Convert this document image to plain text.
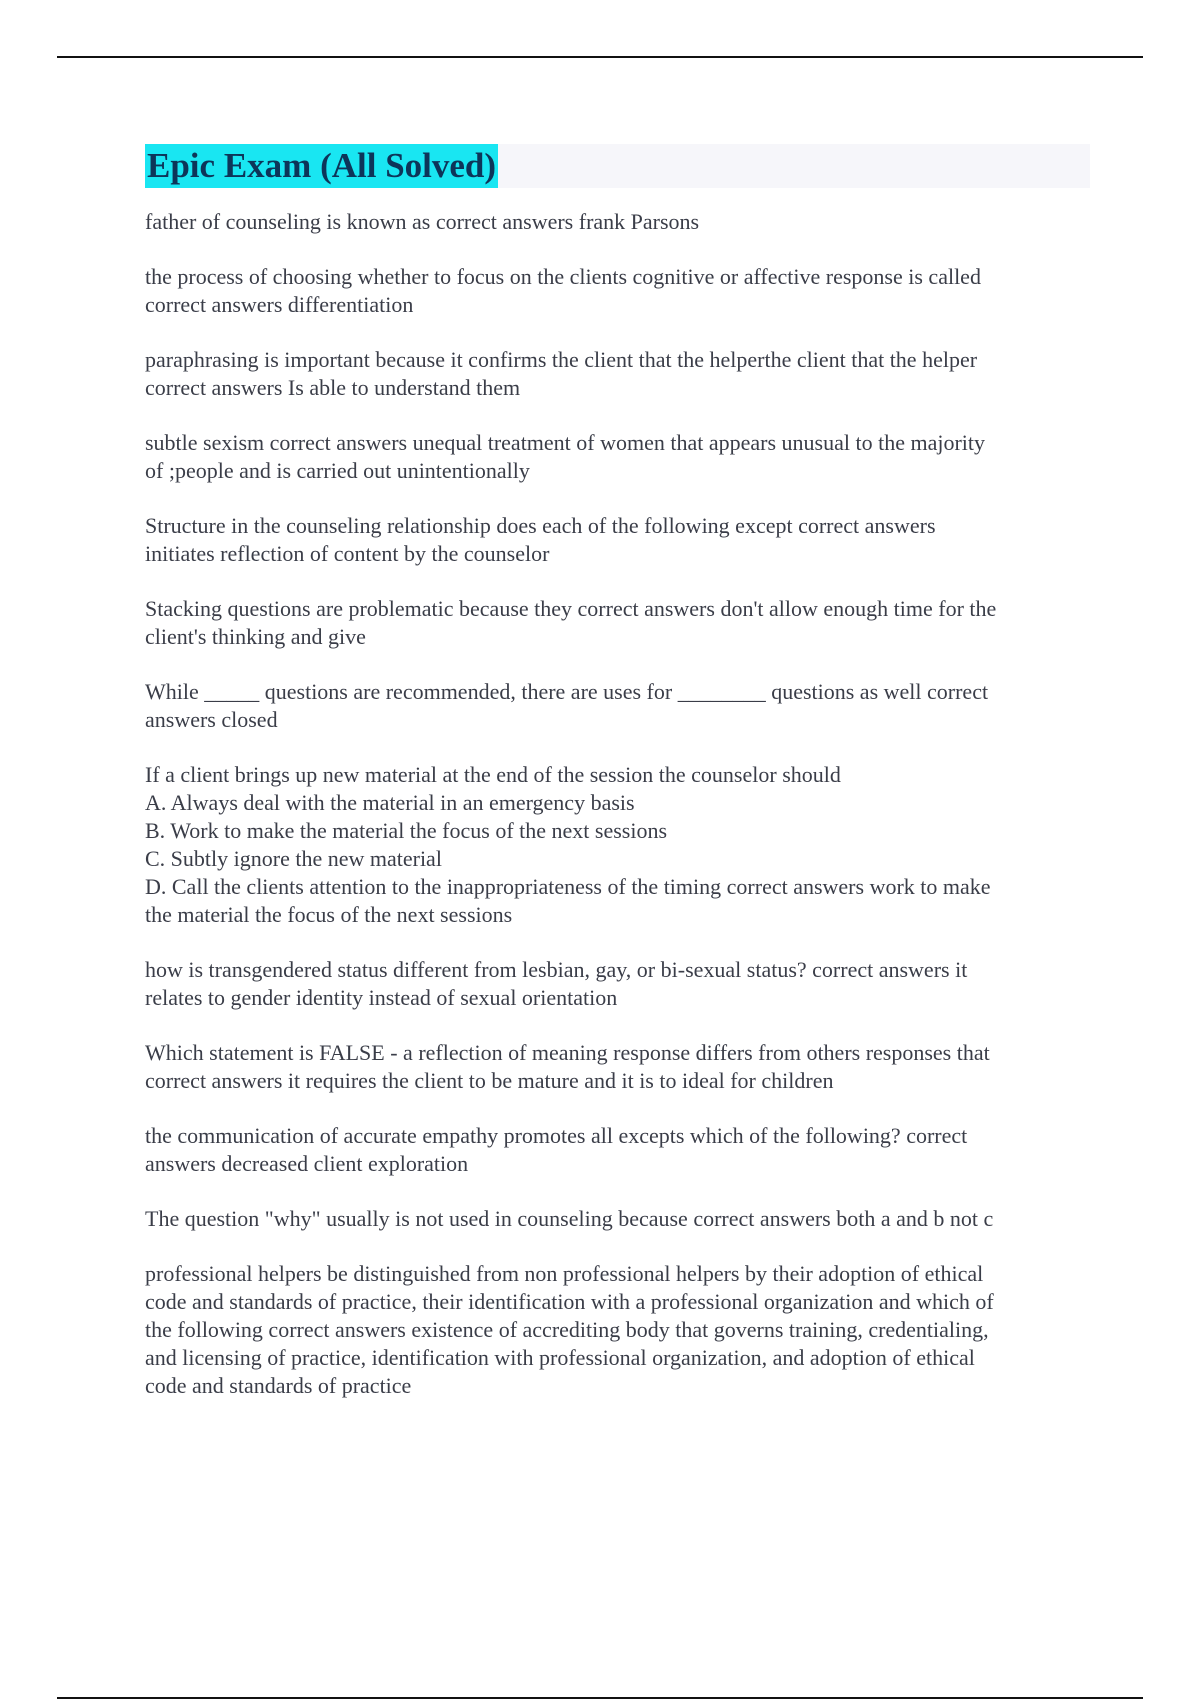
Epic Exam (All Solved)
father of counseling is known as correct answers frank Parsons
the process of choosing whether to focus on the clients cognitive or affective response is called
correct answers differentiation
paraphrasing is important because it confirms the client that the helperthe client that the helper
correct answers Is able to understand them
subtle sexism correct answers unequal treatment of women that appears unusual to the majority
of ;people and is carried out unintentionally
Structure in the counseling relationship does each of the following except correct answers
initiates reflection of content by the counselor
Stacking questions are problematic because they correct answers don't allow enough time for the
client's thinking and give
While _____ questions are recommended, there are uses for ________ questions as well correct
answers closed
If a client brings up new material at the end of the session the counselor should
A. Always deal with the material in an emergency basis
B. Work to make the material the focus of the next sessions
C. Subtly ignore the new material
D. Call the clients attention to the inappropriateness of the timing correct answers work to make
the material the focus of the next sessions
how is transgendered status different from lesbian, gay, or bi-sexual status? correct answers it
relates to gender identity instead of sexual orientation
Which statement is FALSE - a reflection of meaning response differs from others responses that
correct answers it requires the client to be mature and it is to ideal for children
the communication of accurate empathy promotes all excepts which of the following? correct
answers decreased client exploration
The question "why" usually is not used in counseling because correct answers both a and b not c
professional helpers be distinguished from non professional helpers by their adoption of ethical
code and standards of practice, their identification with a professional organization and which of
the following correct answers existence of accrediting body that governs training, credentialing,
and licensing of practice, identification with professional organization, and adoption of ethical
code and standards of practice
